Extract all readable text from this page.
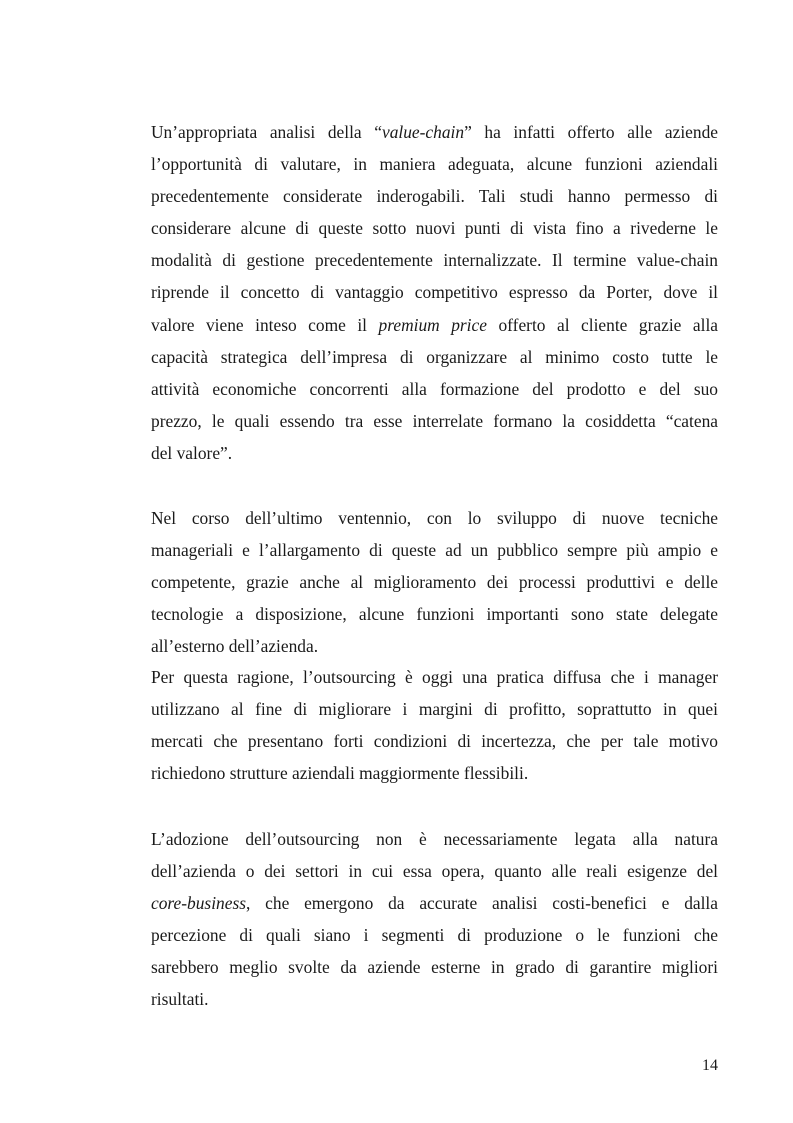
Un’appropriata analisi della “value-chain” ha infatti offerto alle aziende
l’opportunità di valutare, in maniera adeguata, alcune funzioni aziendali
precedentemente considerate inderogabili. Tali studi hanno permesso di
considerare alcune di queste sotto nuovi punti di vista fino a rivederne le
modalità di gestione precedentemente internalizzate. Il termine value-chain
riprende il concetto di vantaggio competitivo espresso da Porter, dove il
valore viene inteso come il premium price offerto al cliente grazie alla
capacità strategica dell’impresa di organizzare al minimo costo tutte le
attività economiche concorrenti alla formazione del prodotto e del suo
prezzo, le quali essendo tra esse interrelate formano la cosiddetta “catena
del valore”.
Nel corso dell’ultimo ventennio, con lo sviluppo di nuove tecniche
manageriali e l’allargamento di queste ad un pubblico sempre più ampio e
competente, grazie anche al miglioramento dei processi produttivi e delle
tecnologie a disposizione, alcune funzioni importanti sono state delegate
all’esterno dell’azienda.
Per questa ragione, l’outsourcing è oggi una pratica diffusa che i manager
utilizzano al fine di migliorare i margini di profitto, soprattutto in quei
mercati che presentano forti condizioni di incertezza, che per tale motivo
richiedono strutture aziendali maggiormente flessibili.
L’adozione dell’outsourcing non è necessariamente legata alla natura
dell’azienda o dei settori in cui essa opera, quanto alle reali esigenze del
core-business, che emergono da accurate analisi costi-benefici e dalla
percezione di quali siano i segmenti di produzione o le funzioni che
sarebbero meglio svolte da aziende esterne in grado di garantire migliori
risultati.
14
